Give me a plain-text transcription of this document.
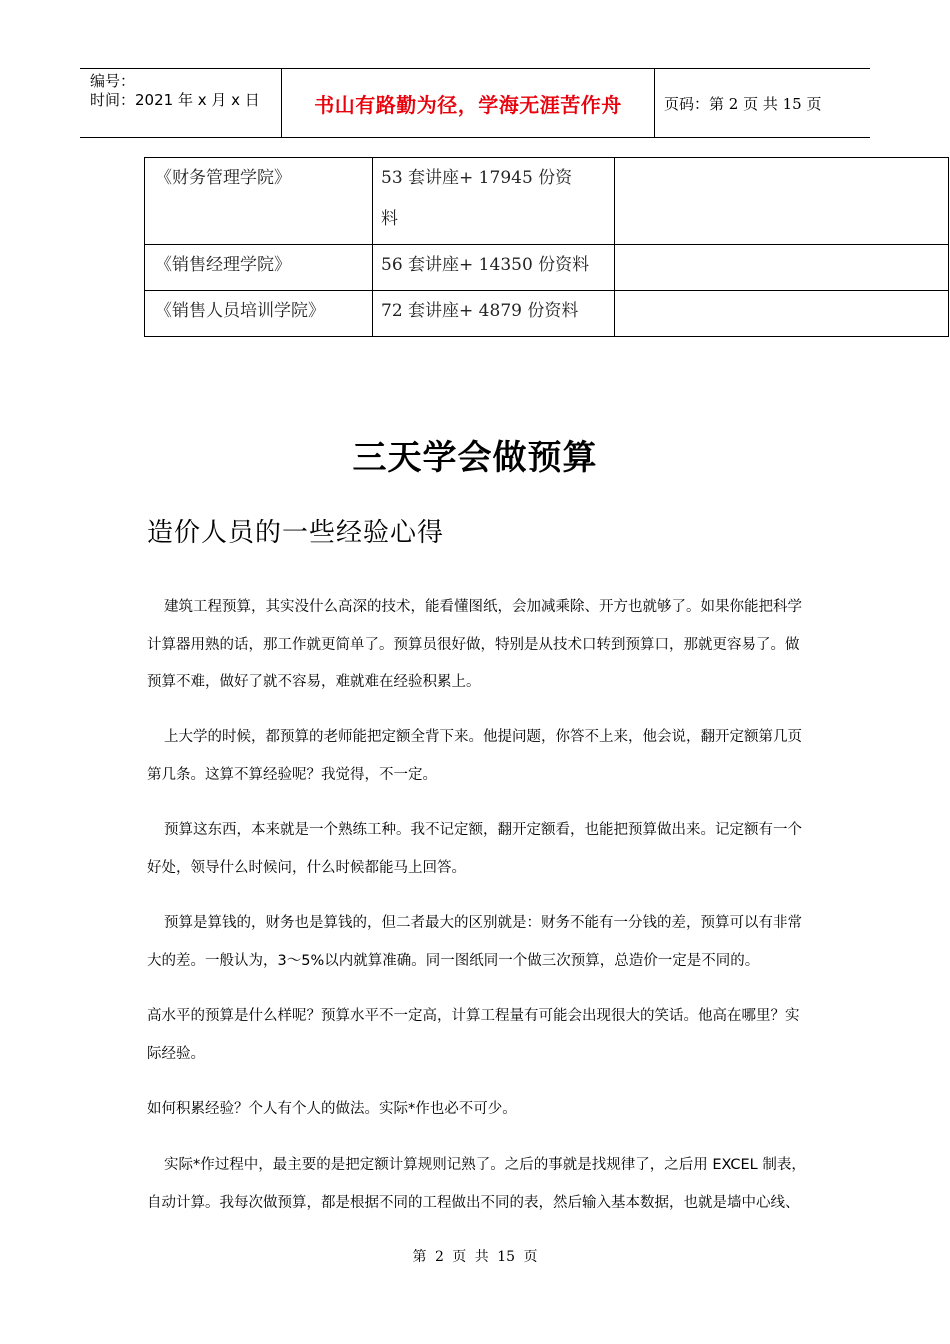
编号：
时间：2021 年 x 月 x 日	书山有路勤为径，学海无涯苦作舟	页码：第 2 页 共 15 页
《财务管理学院》	53 套讲座+ 17945 份资料	

《销售经理学院》	56 套讲座+ 14350 份资料	
《销售人员培训学院》	72 套讲座+ 4879 份资料	
三天学会做预算
造价人员的一些经验心得

建筑工程预算，其实没什么高深的技术，能看懂图纸，会加减乘除、开方也就够了。如果你能把科学计算器用熟的话，那工作就更简单了。预算员很好做，特别是从技术口转到预算口，那就更容易了。做预算不难，做好了就不容易，难就难在经验积累上。

上大学的时候，都预算的老师能把定额全背下来。他提问题，你答不上来，他会说，翻开定额第几页第几条。这算不算经验呢？我觉得，不一定。

预算这东西，本来就是一个熟练工种。我不记定额，翻开定额看，也能把预算做出来。记定额有一个好处，领导什么时候问，什么时候都能马上回答。

预算是算钱的，财务也是算钱的，但二者最大的区别就是：财务不能有一分钱的差，预算可以有非常大的差。一般认为，3～5%以内就算准确。同一图纸同一个做三次预算，总造价一定是不同的。

高水平的预算是什么样呢？预算水平不一定高，计算工程量有可能会出现很大的笑话。他高在哪里？实际经验。

如何积累经验？个人有个人的做法。实际*作也必不可少。

实际*作过程中，最主要的是把定额计算规则记熟了。之后的事就是找规律了，之后用 EXCEL 制表，自动计算。我每次做预算，都是根据不同的工程做出不同的表，然后输入基本数据，也就是墙中心线、

第 2 页 共 15 页
